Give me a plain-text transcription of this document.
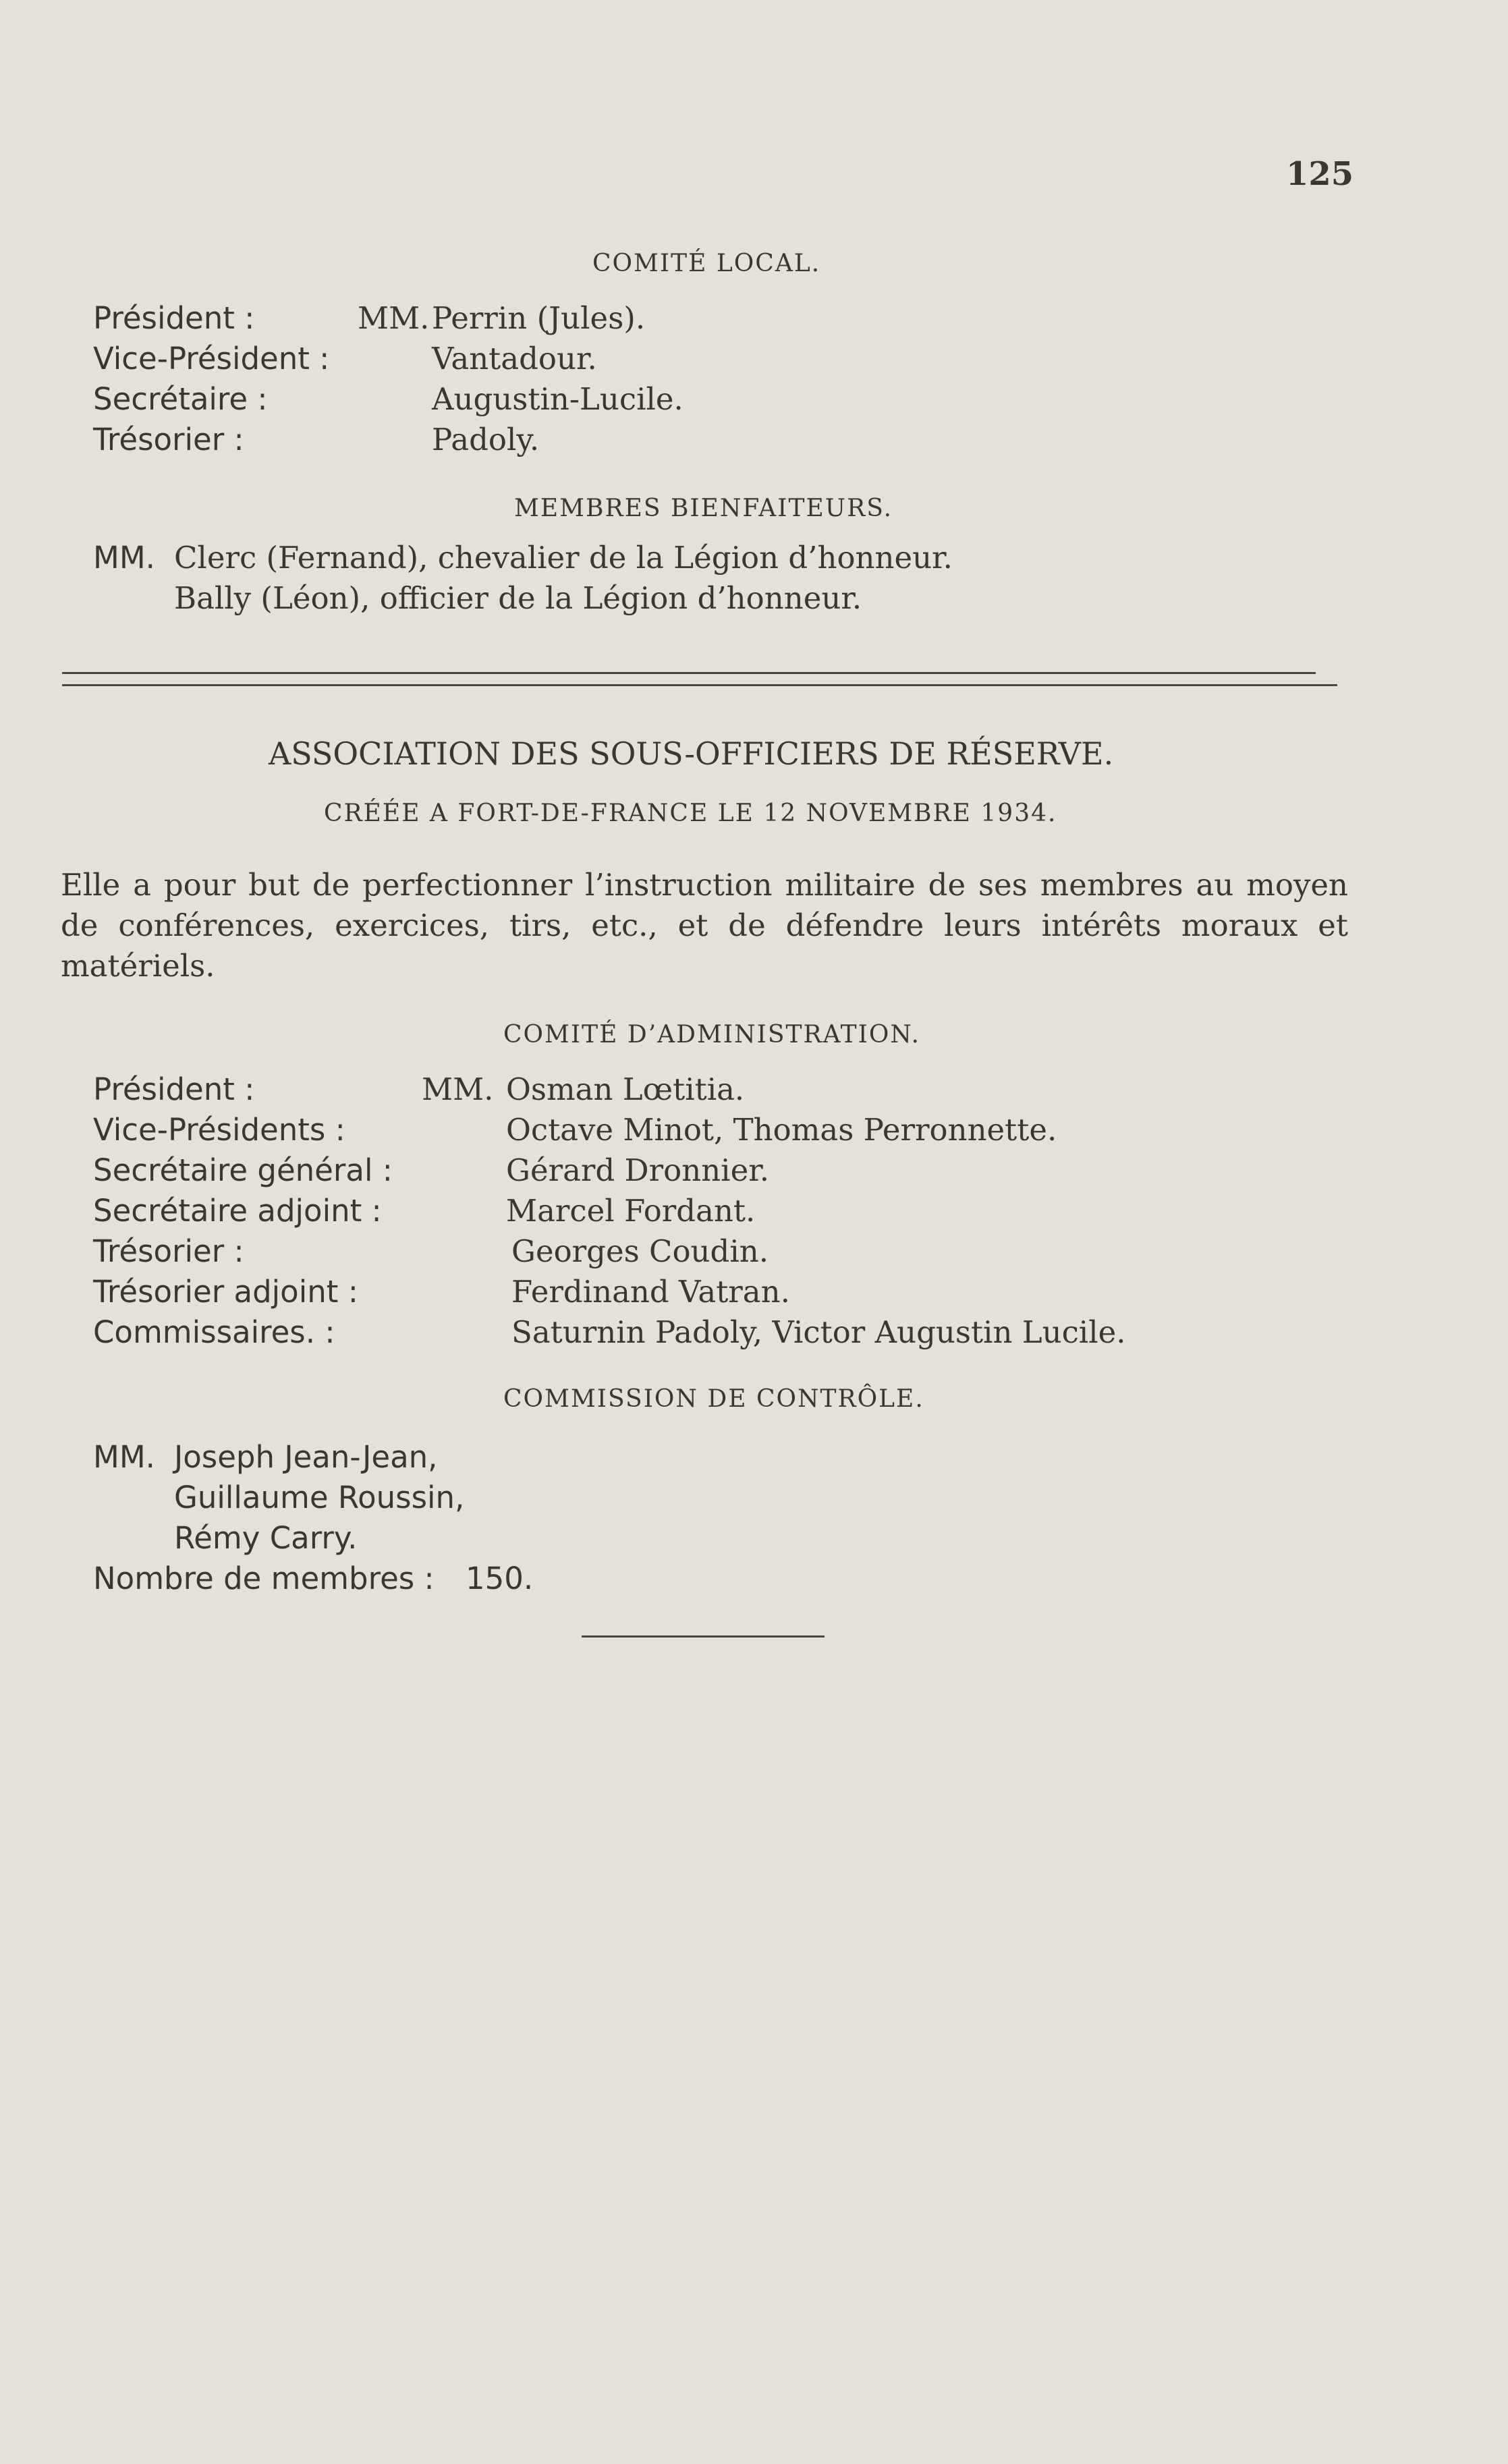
125
COMITÉ LOCAL.
Président :	MM. Perrin (Jules).
Vice-Président :	Vantadour.
Secrétaire :	Augustin-Lucile.
Trésorier :	Padoly.
MEMBRES BIENFAITEURS.
MM. Clerc (Fernand), chevalier de la Légion d’honneur.
Bally (Léon), officier de la Légion d’honneur.
ASSOCIATION DES SOUS-OFFICIERS DE RÉSERVE.
CRÉÉE A FORT-DE-FRANCE LE 12 NOVEMBRE 1934.
Elle a pour but de perfectionner l’instruction militaire de ses membres au moyen de conférences, exercices, tirs, etc., et de défendre leurs intérêts moraux et matériels.
COMITÉ D’ADMINISTRATION.
Président :	MM. Osman Lœtitia.
Vice-Présidents :	Octave Minot, Thomas Perronnette.
Secrétaire général :	Gérard Dronnier.
Secrétaire adjoint :	Marcel Fordant.
Trésorier :	Georges Coudin.
Trésorier adjoint :	Ferdinand Vatran.
Commissaires. :	Saturnin Padoly, Victor Augustin Lucile.
COMMISSION DE CONTRÔLE.
MM. Joseph Jean-Jean,
Guillaume Roussin,
Rémy Carry.
Nombre de membres : 150.
